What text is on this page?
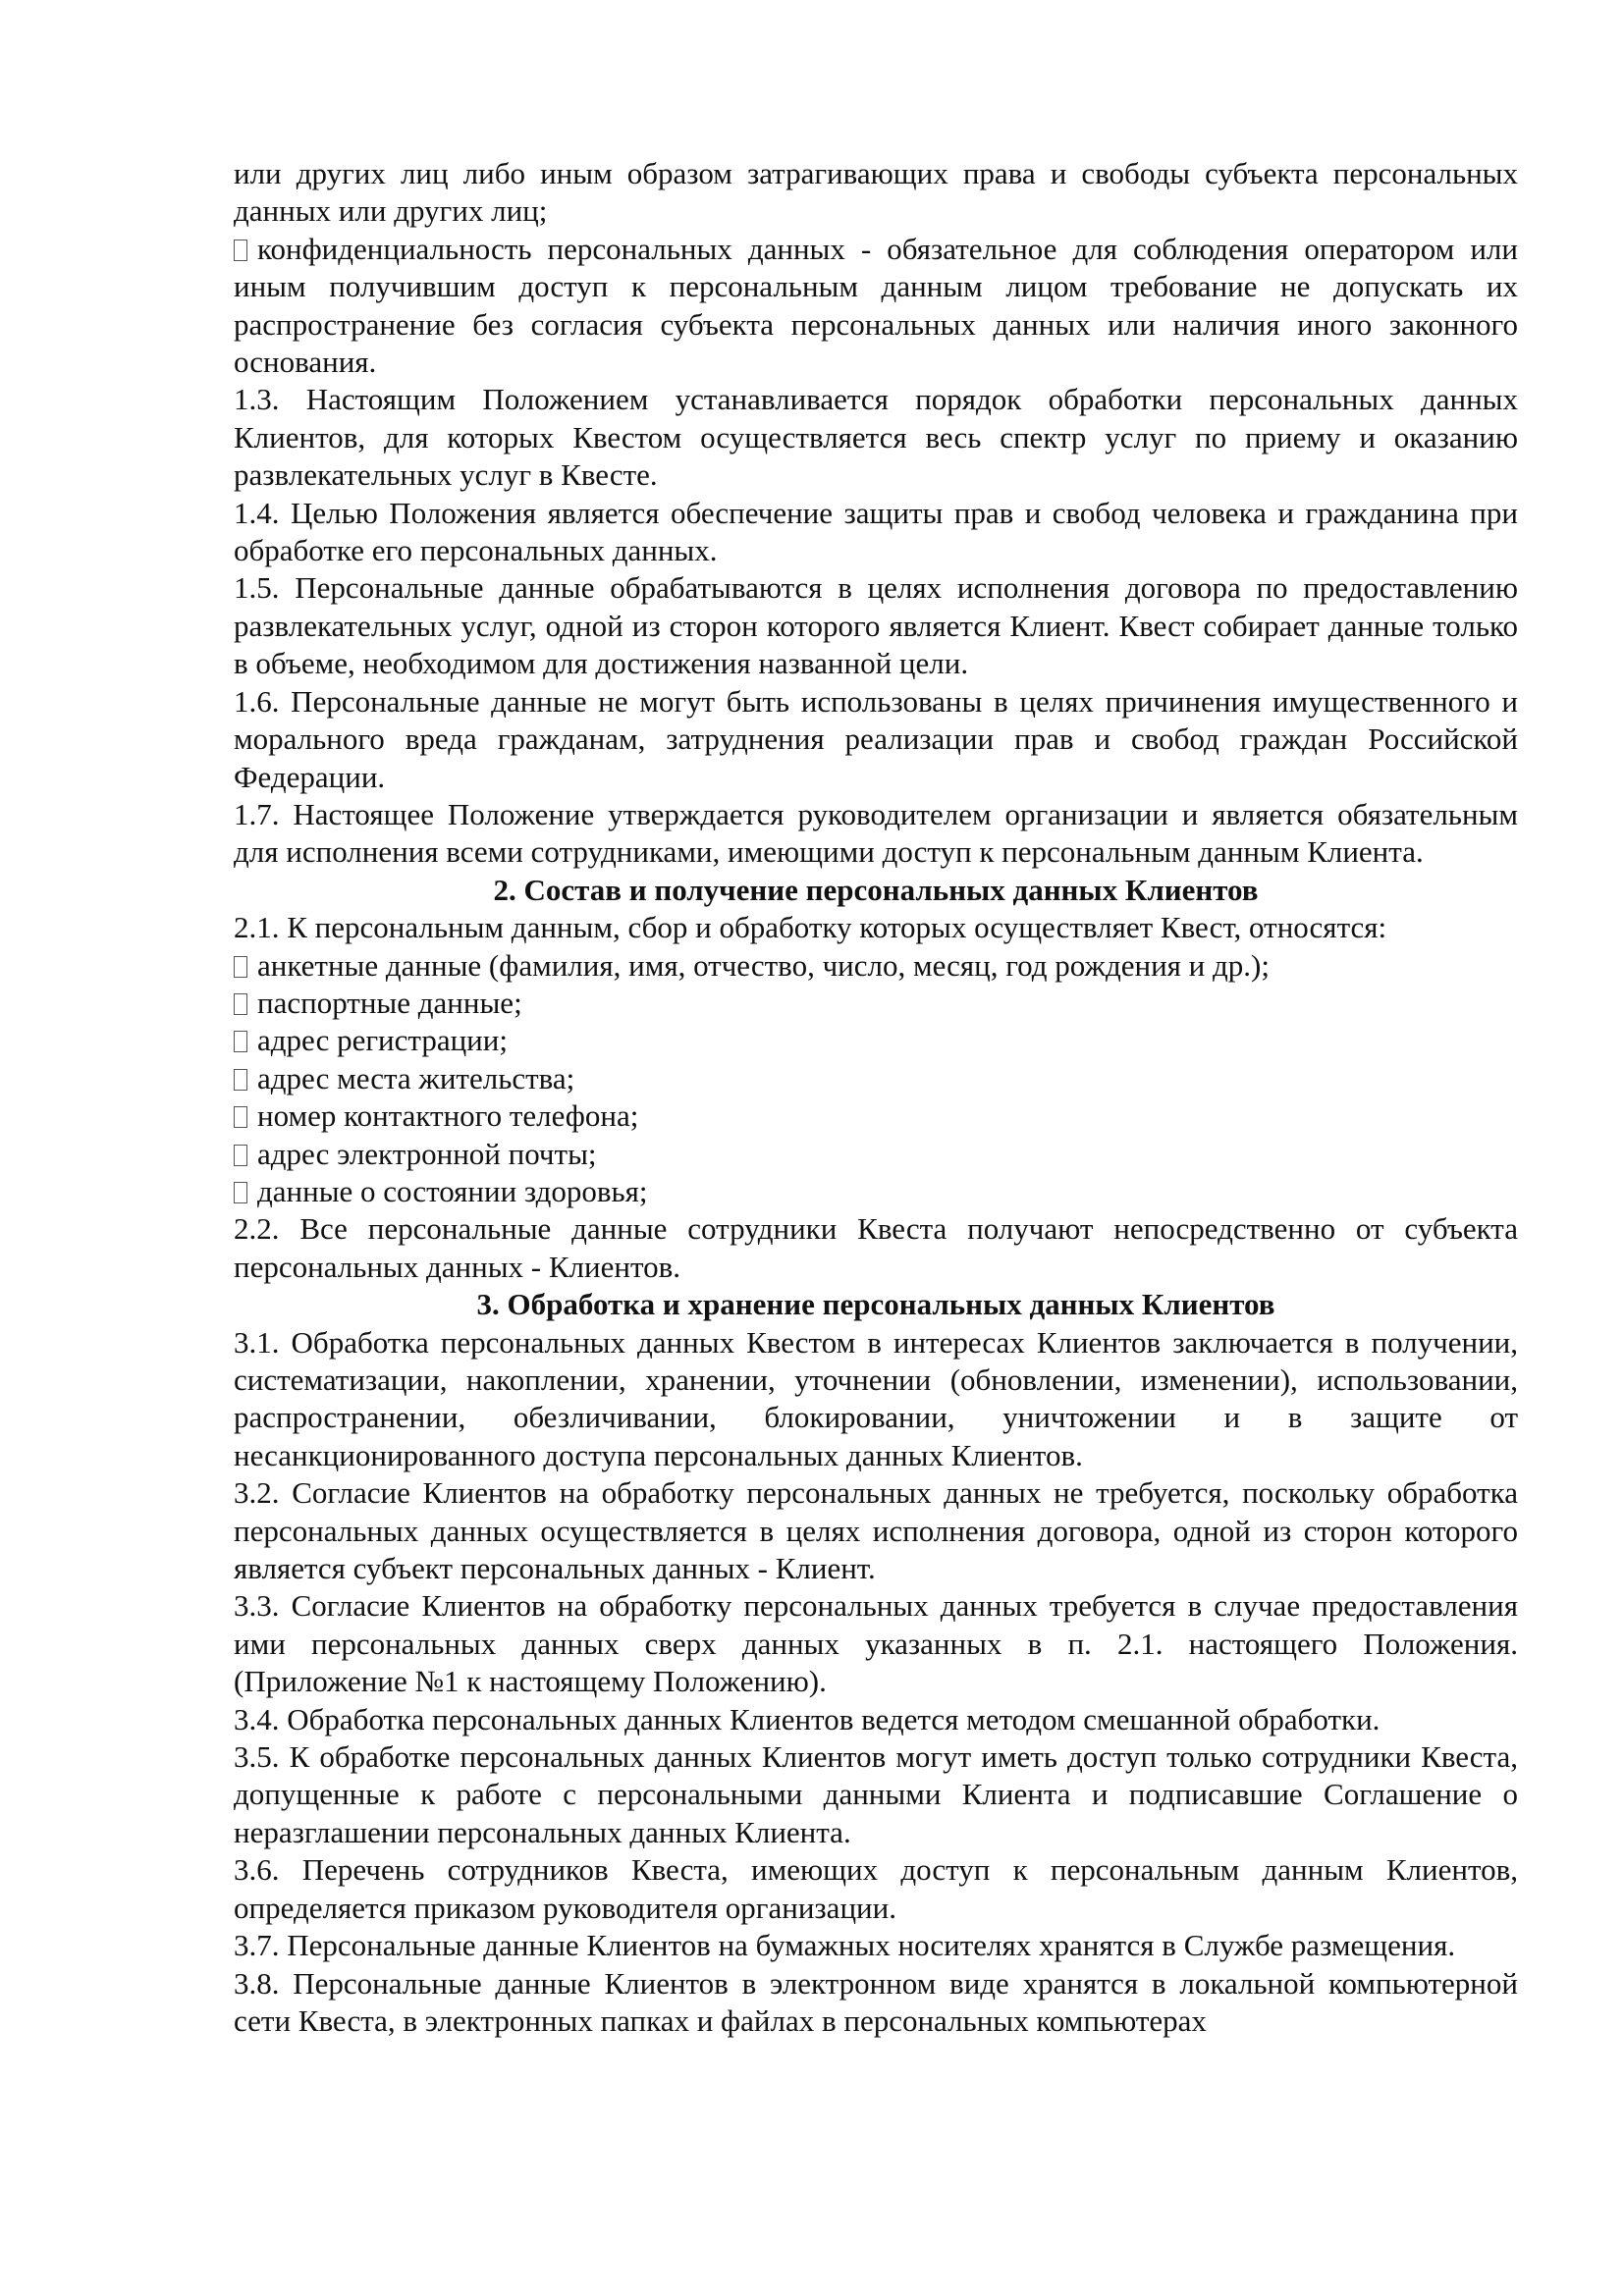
или других лиц либо иным образом затрагивающих права и свободы субъекта персональных данных или других лиц;

конфиденциальность персональных данных - обязательное для соблюдения оператором или иным получившим доступ к персональным данным лицом требование не допускать их распространение без согласия субъекта персональных данных или наличия иного законного основания.

1.3. Настоящим Положением устанавливается порядок обработки персональных данных Клиентов, для которых Квестом осуществляется весь спектр услуг по приему и оказанию развлекательных услуг в Квесте.

1.4. Целью Положения является обеспечение защиты прав и свобод человека и гражданина при обработке его персональных данных.

1.5. Персональные данные обрабатываются в целях исполнения договора по предоставлению развлекательных услуг, одной из сторон которого является Клиент. Квест собирает данные только в объеме, необходимом для достижения названной цели.

1.6. Персональные данные не могут быть использованы в целях причинения имущественного и морального вреда гражданам, затруднения реализации прав и свобод граждан Российской Федерации.

1.7. Настоящее Положение утверждается руководителем организации и является обязательным для исполнения всеми сотрудниками, имеющими доступ к персональным данным Клиента.

2. Состав и получение персональных данных Клиентов

2.1. К персональным данным, сбор и обработку которых осуществляет Квест, относятся:

анкетные данные (фамилия, имя, отчество, число, месяц, год рождения и др.);

паспортные данные;

адрес регистрации;

адрес места жительства;

номер контактного телефона;

адрес электронной почты;

данные о состоянии здоровья;

2.2. Все персональные данные сотрудники Квеста получают непосредственно от субъекта персональных данных - Клиентов.

3. Обработка и хранение персональных данных Клиентов

3.1. Обработка персональных данных Квестом в интересах Клиентов заключается в получении, систематизации, накоплении, хранении, уточнении (обновлении, изменении), использовании, распространении, обезличивании, блокировании, уничтожении и в защите от несанкционированного доступа персональных данных Клиентов.

3.2. Согласие Клиентов на обработку персональных данных не требуется, поскольку обработка персональных данных осуществляется в целях исполнения договора, одной из сторон которого является субъект персональных данных - Клиент.

3.3. Согласие Клиентов на обработку персональных данных требуется в случае предоставления ими персональных данных сверх данных указанных в п. 2.1. настоящего Положения. (Приложение №1 к настоящему Положению).

3.4. Обработка персональных данных Клиентов ведется методом смешанной обработки.

3.5. К обработке персональных данных Клиентов могут иметь доступ только сотрудники Квеста, допущенные к работе с персональными данными Клиента и подписавшие Соглашение о неразглашении персональных данных Клиента.

3.6. Перечень сотрудников Квеста, имеющих доступ к персональным данным Клиентов, определяется приказом руководителя организации.

3.7. Персональные данные Клиентов на бумажных носителях хранятся в Службе размещения.

3.8. Персональные данные Клиентов в электронном виде хранятся в локальной компьютерной сети Квеста, в электронных папках и файлах в персональных компьютерах
